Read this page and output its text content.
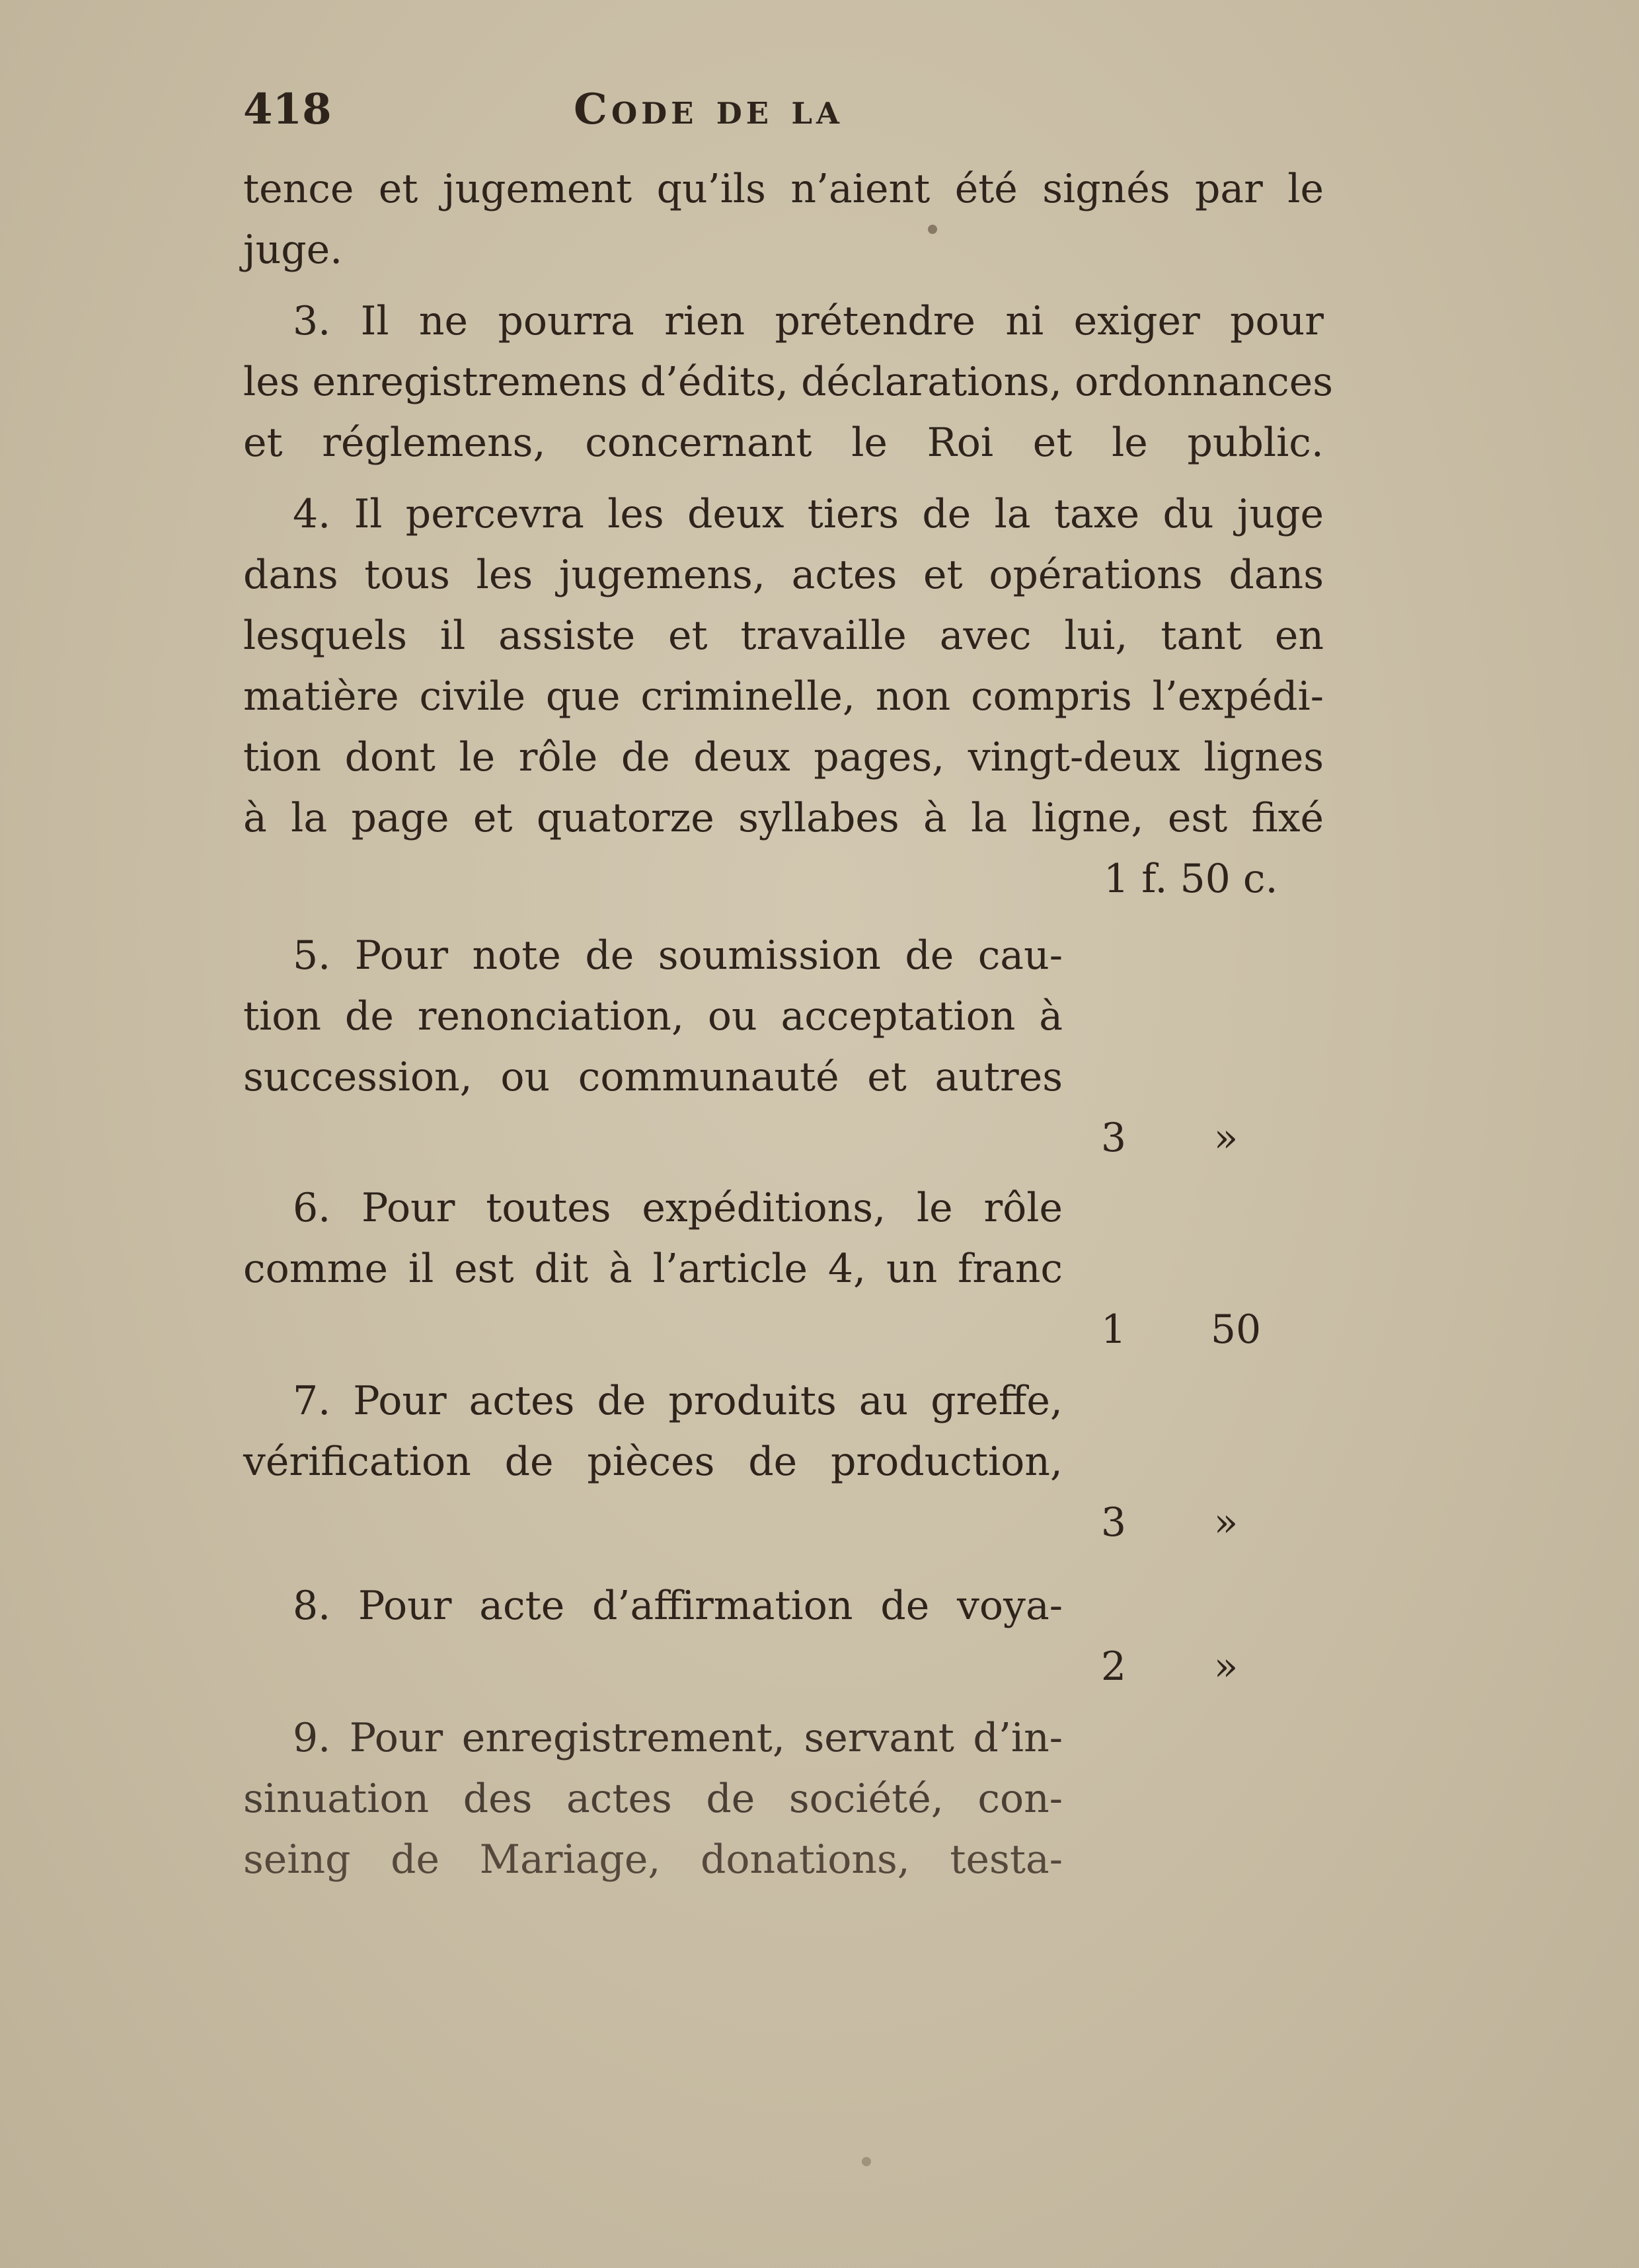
418	Code de la
tence et jugement qu’ils n’aient été signés par le
juge.
3. Il ne pourra rien prétendre ni exiger pour
les enregistremens d’édits, déclarations, ordonnances
et réglemens, concernant le Roi et le public.
4. Il percevra les deux tiers de la taxe du juge
dans tous les jugemens, actes et opérations dans
lesquels il assiste et travaille avec lui, tant en
matière civile que criminelle, non compris l’expédi-
tion dont le rôle de deux pages, vingt-deux lignes
à la page et quatorze syllabes à la ligne, est fixé
1 f. 50 c.
5. Pour note de soumission de cau-
tion de renonciation, ou acceptation à
succession, ou communauté et autres
3	»
6. Pour toutes expéditions, le rôle
comme il est dit à l’article 4, un franc
1	50
7. Pour actes de produits au greffe,
vérification de pièces de production,
3	»
8. Pour acte d’affirmation de voya-
2	»
9. Pour enregistrement, servant d’in-
sinuation des actes de société, con-
seing de Mariage, donations, testa-
